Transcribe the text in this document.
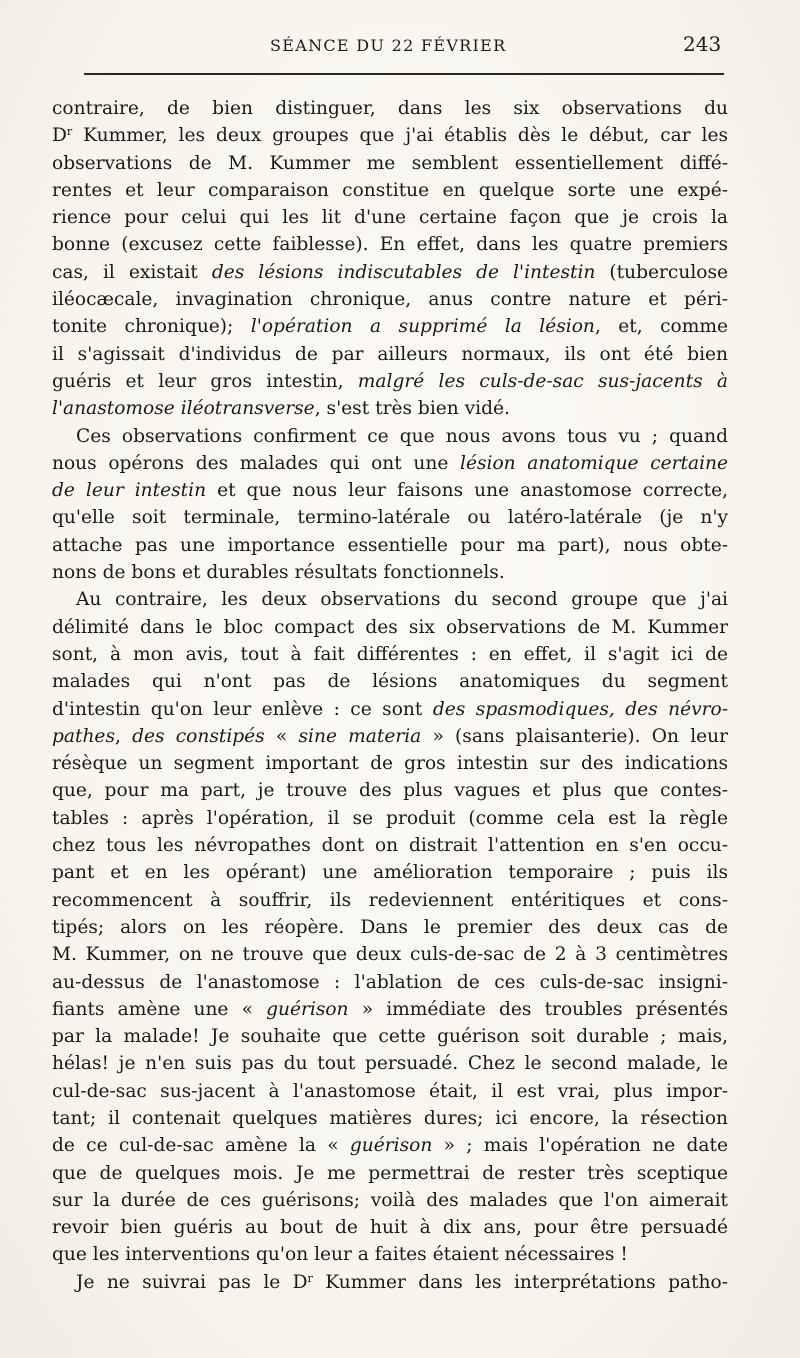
SÉANCE DU 22 FÉVRIER	243
contraire, de bien distinguer, dans les six observations du
$D^r$ Kummer, les deux groupes que j'ai établis dès le début, car les
observations de M. Kummer me semblent essentiellement diffé-
rentes et leur comparaison constitue en quelque sorte une expé-
rience pour celui qui les lit d'une certaine façon que je crois la
bonne (excusez cette faiblesse). En effet, dans les quatre premiers
cas, il existait des lésions indiscutables de l'intestin (tuberculose
iléocæcale, invagination chronique, anus contre nature et péri-
tonite chronique); l'opération a supprimé la lésion, et, comme
il s'agissait d'individus de par ailleurs normaux, ils ont été bien
guéris et leur gros intestin, malgré les culs-de-sac sus-jacents à
l'anastomose iléotransverse, s'est très bien vidé.
Ces observations confirment ce que nous avons tous vu ; quand
nous opérons des malades qui ont une lésion anatomique certaine
de leur intestin et que nous leur faisons une anastomose correcte,
qu'elle soit terminale, termino-latérale ou latéro-latérale (je n'y
attache pas une importance essentielle pour ma part), nous obte-
nons de bons et durables résultats fonctionnels.
Au contraire, les deux observations du second groupe que j'ai
délimité dans le bloc compact des six observations de M. Kummer
sont, à mon avis, tout à fait différentes : en effet, il s'agit ici de
malades qui n'ont pas de lésions anatomiques du segment
d'intestin qu'on leur enlève : ce sont des spasmodiques, des névro-
pathes, des constipés « sine materia » (sans plaisanterie). On leur
résèque un segment important de gros intestin sur des indications
que, pour ma part, je trouve des plus vagues et plus que contes-
tables : après l'opération, il se produit (comme cela est la règle
chez tous les névropathes dont on distrait l'attention en s'en occu-
pant et en les opérant) une amélioration temporaire ; puis ils
recommencent à souffrir, ils redeviennent entéritiques et cons-
tipés; alors on les réopère. Dans le premier des deux cas de
M. Kummer, on ne trouve que deux culs-de-sac de 2 à 3 centimètres
au-dessus de l'anastomose : l'ablation de ces culs-de-sac insigni-
fiants amène une « guérison » immédiate des troubles présentés
par la malade! Je souhaite que cette guérison soit durable ; mais,
hélas! je n'en suis pas du tout persuadé. Chez le second malade, le
cul-de-sac sus-jacent à l'anastomose était, il est vrai, plus impor-
tant; il contenait quelques matières dures; ici encore, la résection
de ce cul-de-sac amène la « guérison » ; mais l'opération ne date
que de quelques mois. Je me permettrai de rester très sceptique
sur la durée de ces guérisons; voilà des malades que l'on aimerait
revoir bien guéris au bout de huit à dix ans, pour être persuadé
que les interventions qu'on leur a faites étaient nécessaires !
Je ne suivrai pas le $D^r$ Kummer dans les interprétations patho-
